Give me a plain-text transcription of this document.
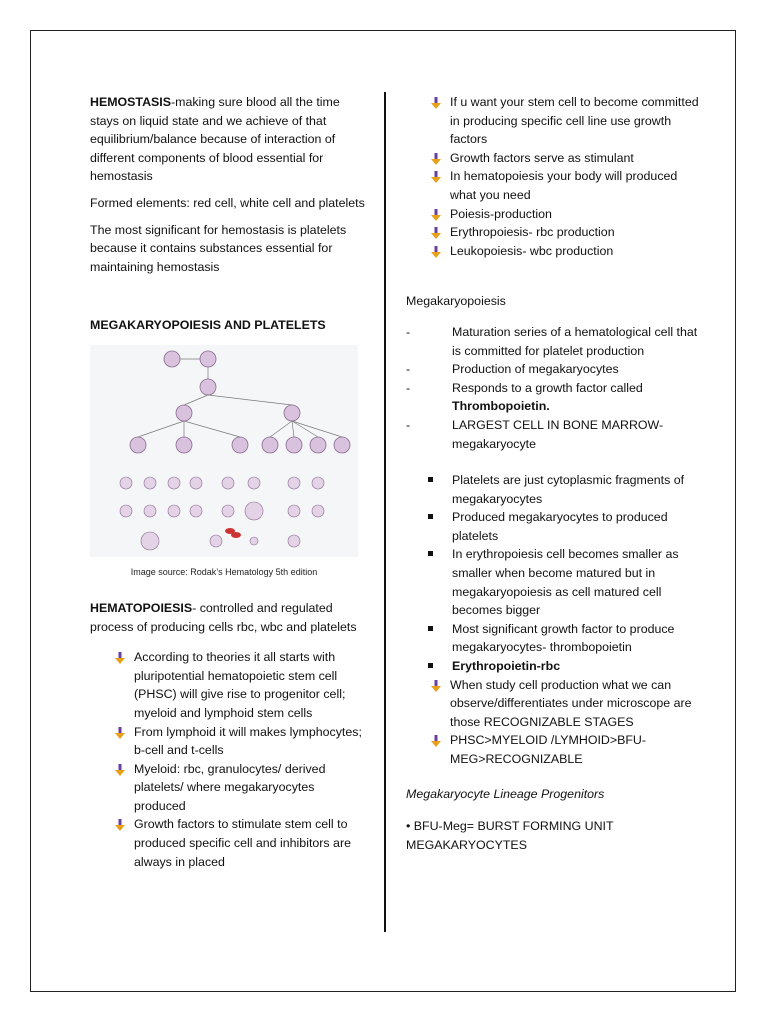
HEMOSTASIS-making sure blood all the time stays on liquid state and we achieve of that equilibrium/balance because of interaction of different components of blood essential for hemostasis

Formed elements: red cell, white cell and platelets

The most significant for hemostasis is platelets because it contains substances essential for maintaining hemostasis

MEGAKARYOPOIESIS AND PLATELETS

Image source: Rodak’s Hematology 5th edition

HEMATOPOIESIS- controlled and regulated process of producing cells rbc, wbc and platelets

According to theories it all starts with pluripotential hematopoietic stem cell (PHSC) will give rise to progenitor cell; myeloid and lymphoid stem cells
From lymphoid it will makes lymphocytes; b-cell and t-cells
Myeloid: rbc, granulocytes/ derived platelets/ where megakaryocytes produced
Growth factors to stimulate stem cell to produced specific cell and inhibitors are always in placed
If u want your stem cell to become committed in producing specific cell line use growth factors
Growth factors serve as stimulant
In hematopoiesis your body will produced what you need
Poiesis-production
Erythropoiesis- rbc production
Leukopoiesis- wbc production

Megakaryopoiesis

-	Maturation series of a hematological cell that is committed for platelet production
-	Production of megakaryocytes
-	Responds to a growth factor called Thrombopoietin.
-	LARGEST CELL IN BONE MARROW- megakaryocyte
Platelets are just cytoplasmic fragments of megakaryocytes
Produced megakaryocytes to produced platelets
In erythropoiesis cell becomes smaller as smaller when become matured but in megakaryopoiesis as cell matured cell becomes bigger
Most significant growth factor to produce megakaryocytes- thrombopoietin
Erythropoietin-rbc
When study cell production what we can observe/differentiates under microscope are those RECOGNIZABLE STAGES
PHSC>MYELOID /LYMHOID>BFU-MEG>RECOGNIZABLE

Megakaryocyte Lineage Progenitors

• BFU-Meg= BURST FORMING UNIT MEGAKARYOCYTES
